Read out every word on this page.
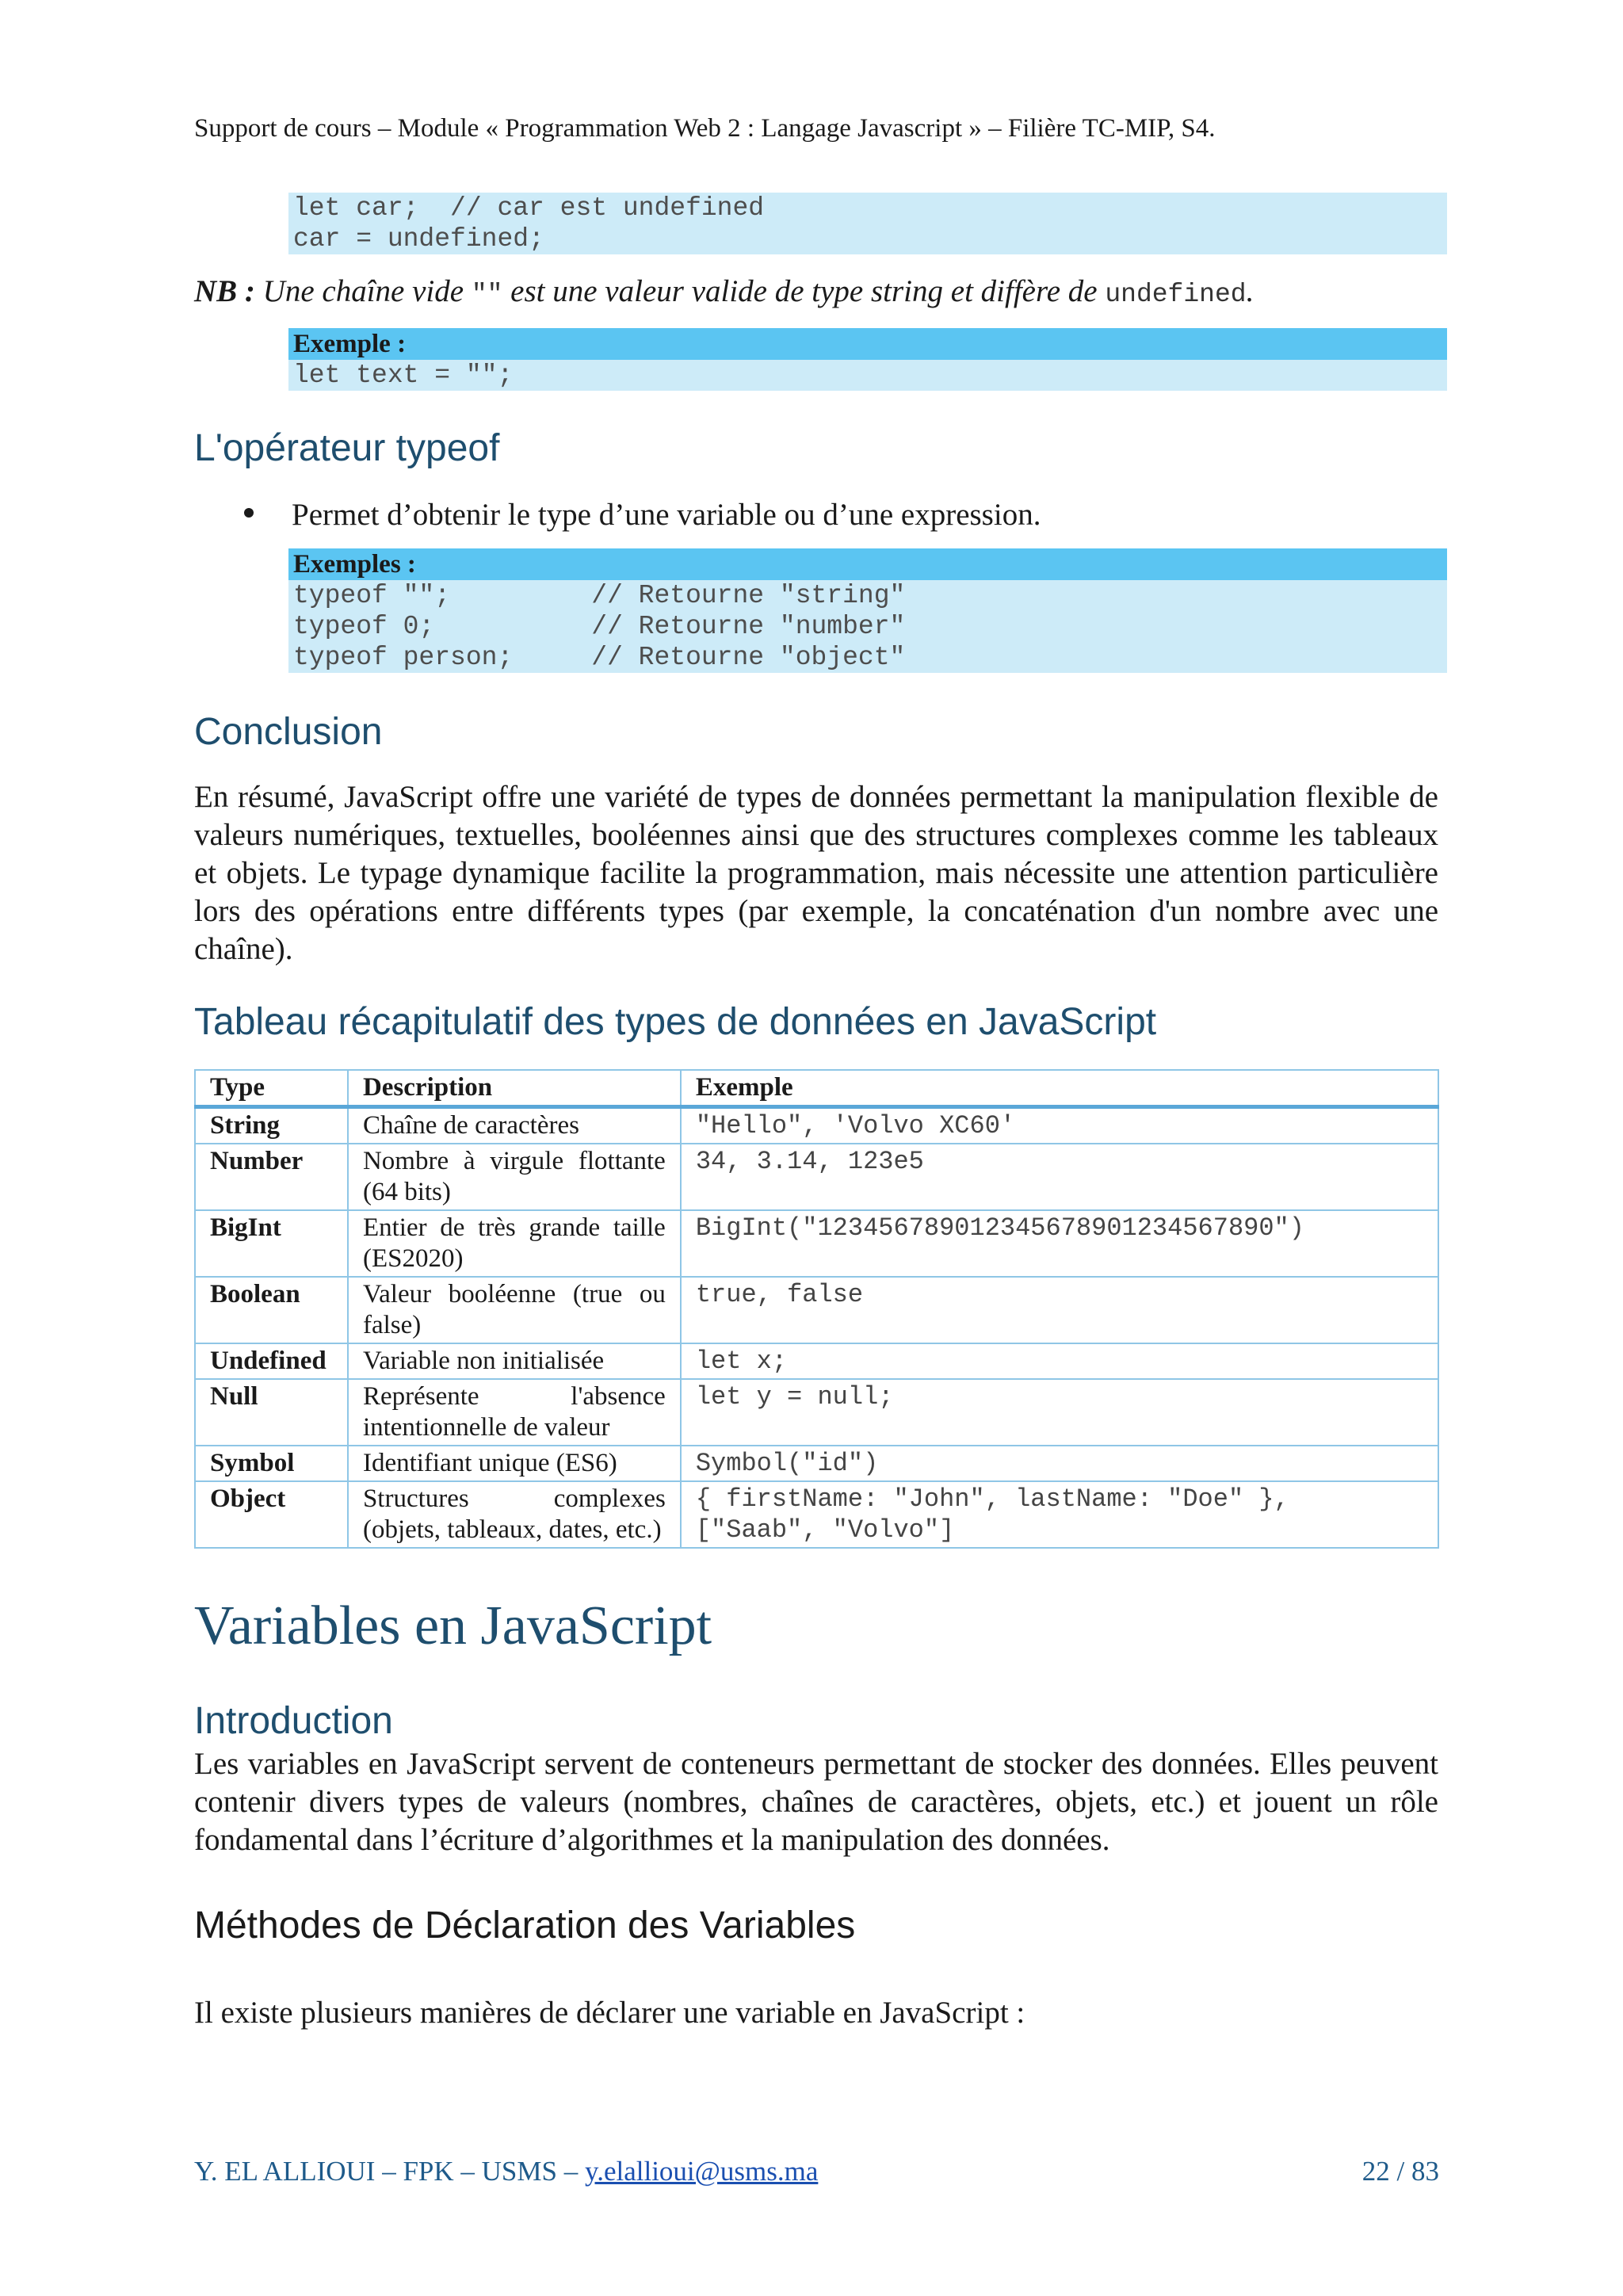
Support de cours – Module « Programmation Web 2 : Langage Javascript » – Filière TC-MIP, S4.
let car;  // car est undefined
car = undefined;
NB : Une chaîne vide "" est une valeur valide de type string et diffère de undefined.
Exemple :
let text = "";
L'opérateur typeof
Permet d’obtenir le type d’une variable ou d’une expression.
Exemples :
typeof "";         // Retourne "string"
typeof 0;          // Retourne "number"
typeof person;     // Retourne "object"
Conclusion
En résumé, JavaScript offre une variété de types de données permettant la manipulation flexible de valeurs numériques, textuelles, booléennes ainsi que des structures complexes comme les tableaux et objets. Le typage dynamique facilite la programmation, mais nécessite une attention particulière lors des opérations entre différents types (par exemple, la concaténation d'un nombre avec une chaîne).
Tableau récapitulatif des types de données en JavaScript
Type	Description	Exemple
String	Chaîne de caractères	"Hello", 'Volvo XC60'
Number	Nombre à virgule flottante (64 bits)	34, 3.14, 123e5
BigInt	Entier de très grande taille (ES2020)	BigInt("123456789012345678901234567890")
Boolean	Valeur booléenne (true ou false)	true, false
Undefined	Variable non initialisée	let x;
Null	Représente l'absence intentionnelle de valeur	let y = null;
Symbol	Identifiant unique (ES6)	Symbol("id")
Object	Structures complexes (objets, tableaux, dates, etc.)	{ firstName: "John", lastName: "Doe" }, ["Saab", "Volvo"]
Variables en JavaScript
Introduction
Les variables en JavaScript servent de conteneurs permettant de stocker des données. Elles peuvent contenir divers types de valeurs (nombres, chaînes de caractères, objets, etc.) et jouent un rôle fondamental dans l’écriture d’algorithmes et la manipulation des données.
Méthodes de Déclaration des Variables
Il existe plusieurs manières de déclarer une variable en JavaScript :
Y. EL ALLIOUI – FPK – USMS – y.elallioui@usms.ma	22 / 83
